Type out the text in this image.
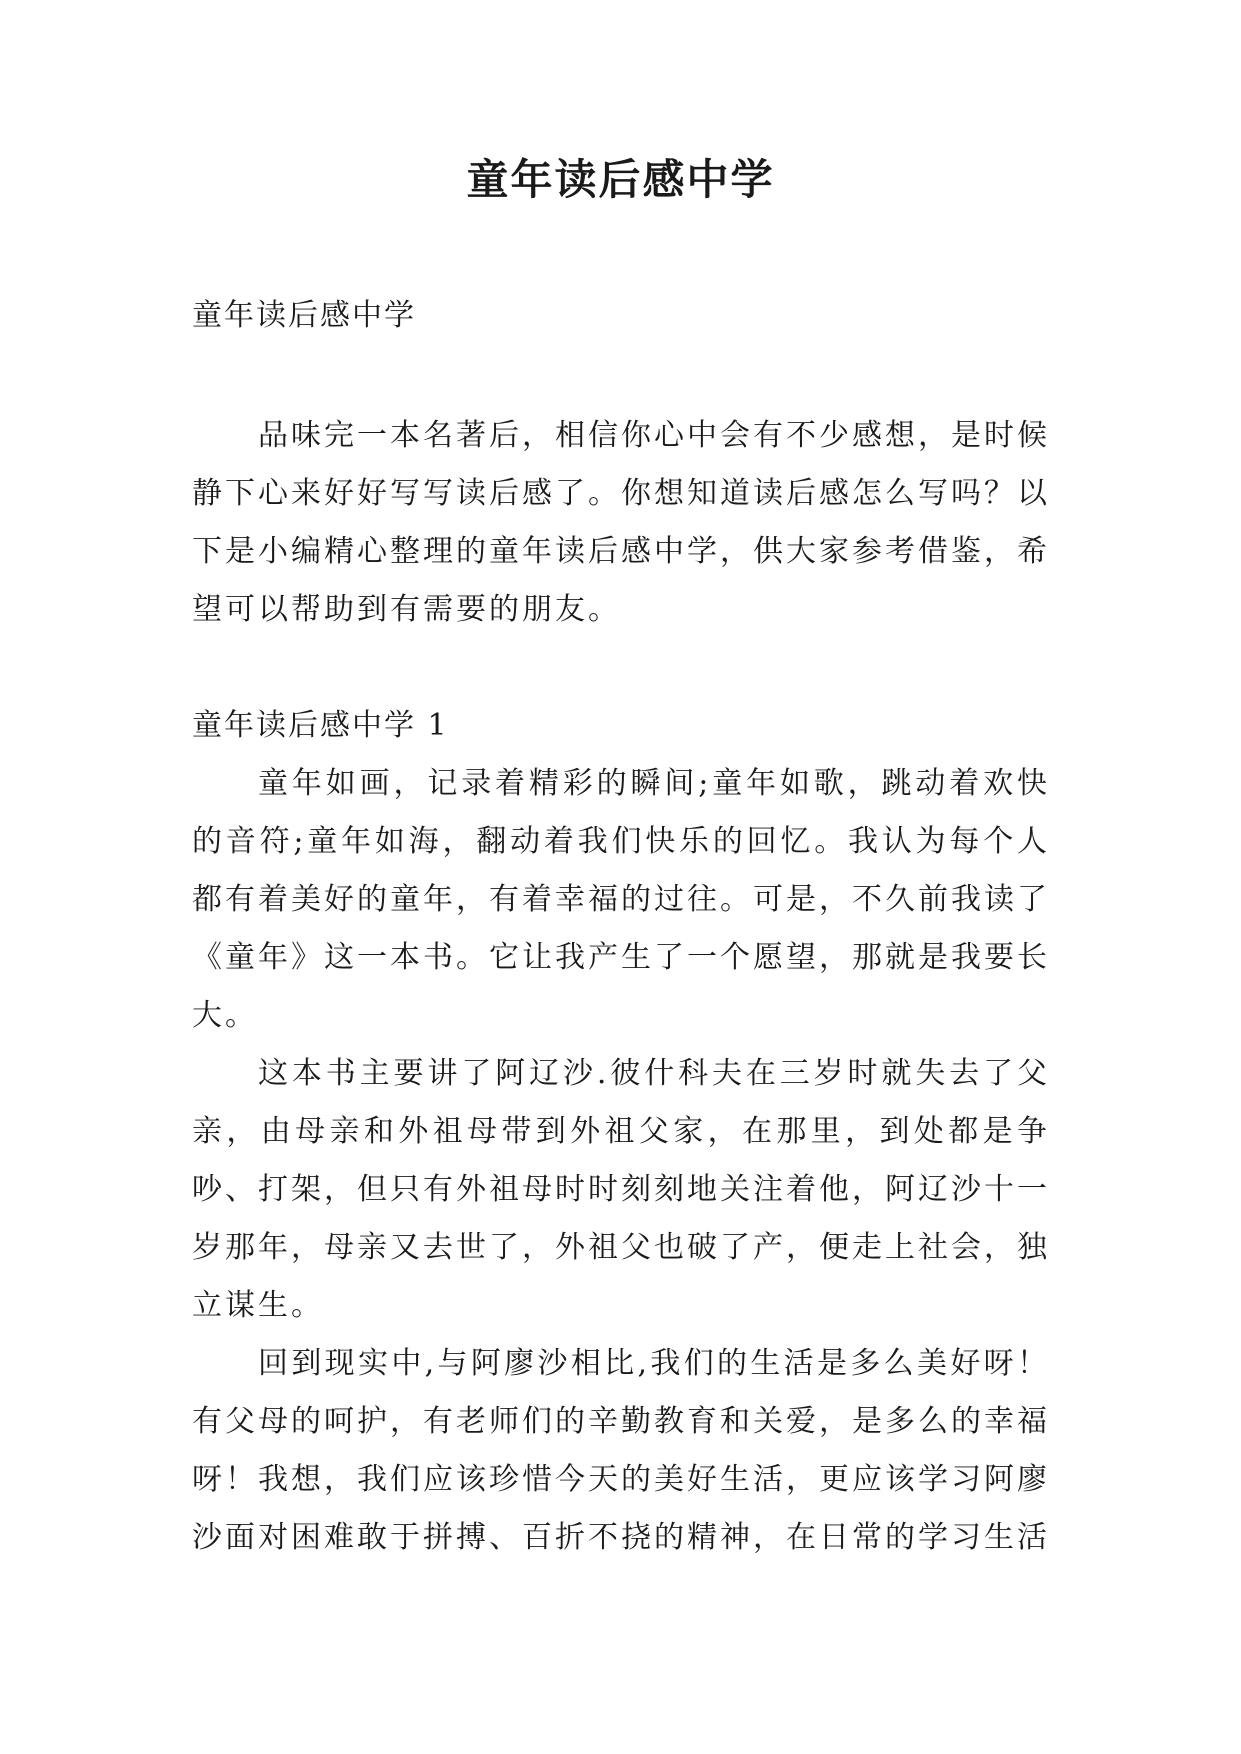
童年读后感中学
童年读后感中学

品味完一本名著后，相信你心中会有不少感想，是时候静下心来好好写写读后感了。你想知道读后感怎么写吗？以下是小编精心整理的童年读后感中学，供大家参考借鉴，希望可以帮助到有需要的朋友。

童年读后感中学 1

童年如画，记录着精彩的瞬间;童年如歌，跳动着欢快的音符;童年如海，翻动着我们快乐的回忆。我认为每个人都有着美好的童年，有着幸福的过往。可是，不久前我读了《童年》这一本书。它让我产生了一个愿望，那就是我要长大。

这本书主要讲了阿辽沙.彼什科夫在三岁时就失去了父亲，由母亲和外祖母带到外祖父家，在那里，到处都是争吵、打架，但只有外祖母时时刻刻地关注着他，阿辽沙十一岁那年，母亲又去世了，外祖父也破了产，便走上社会，独立谋生。

回到现实中,与阿廖沙相比,我们的生活是多么美好呀！有父母的呵护，有老师们的辛勤教育和关爱，是多么的幸福呀！我想，我们应该珍惜今天的美好生活，更应该学习阿廖沙面对困难敢于拼搏、百折不挠的精神，在日常的学习生活
